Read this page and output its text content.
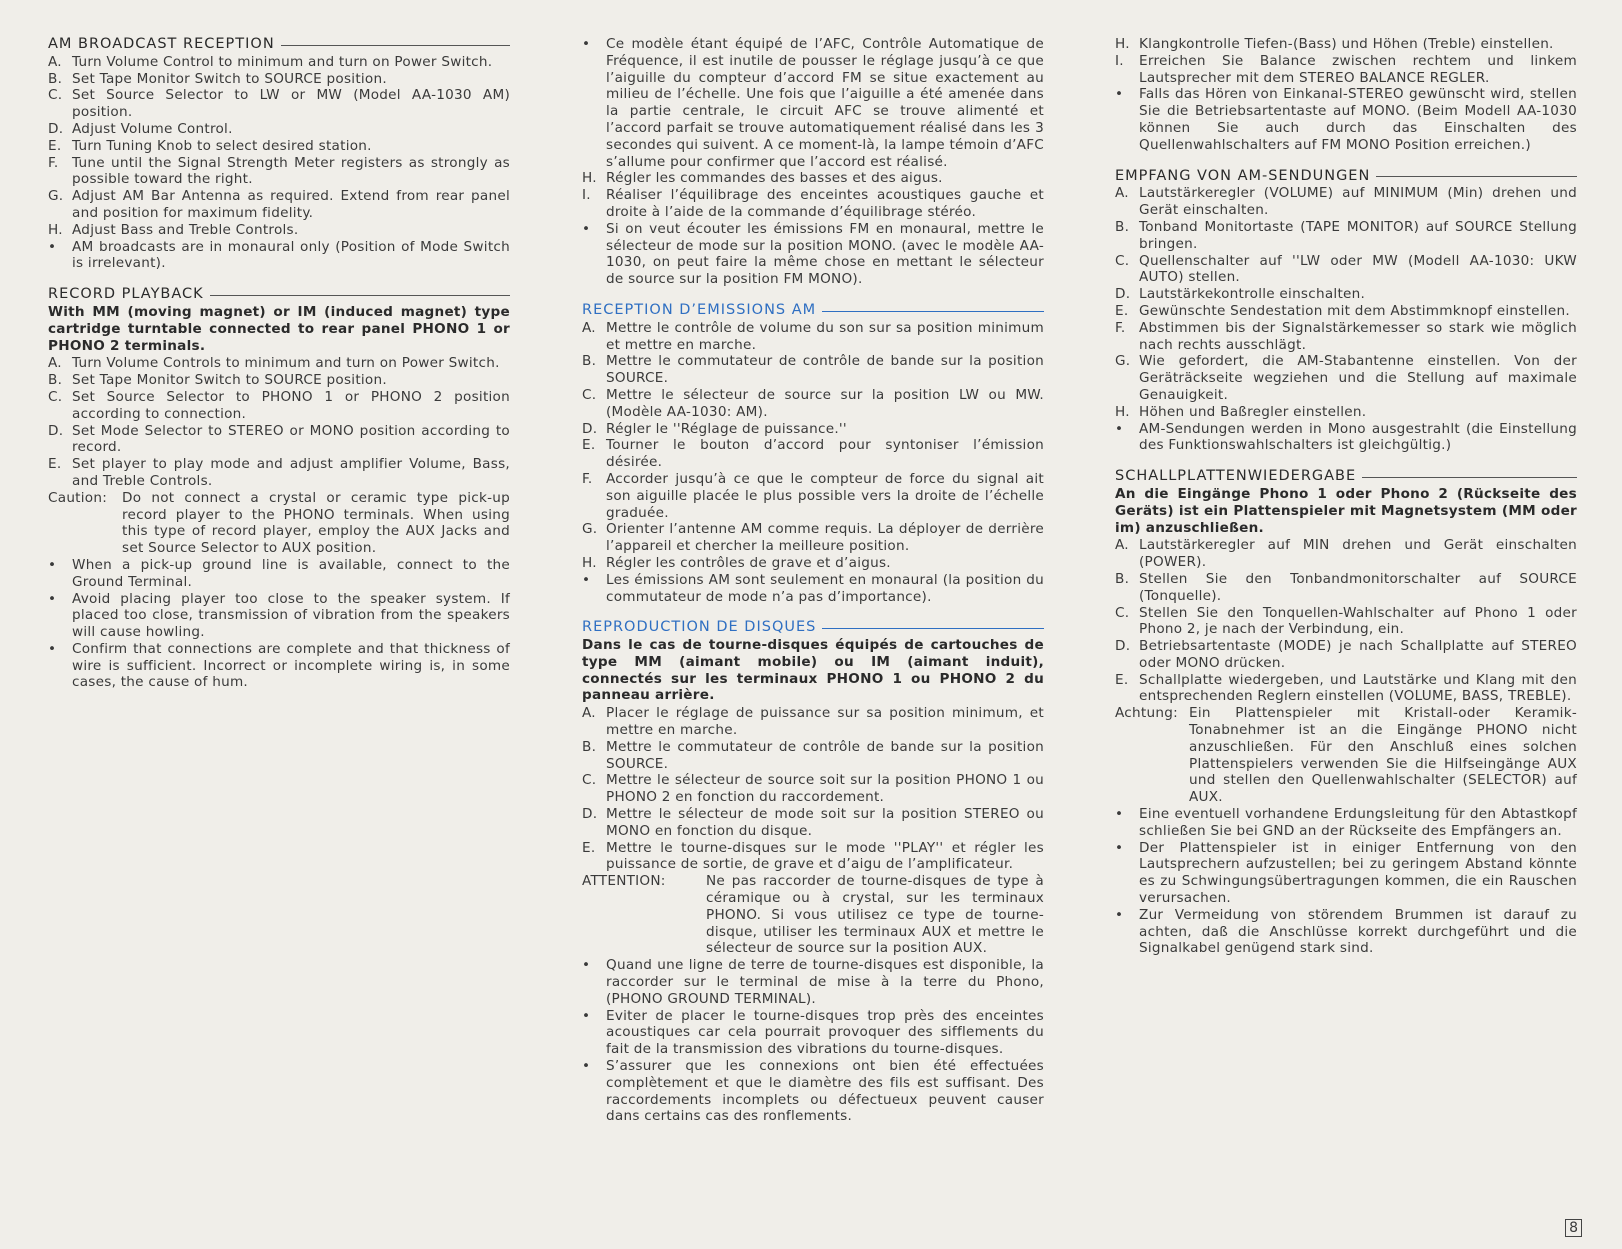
AM BROADCAST RECEPTION
A. Turn Volume Control to minimum and turn on Power Switch.
B. Set Tape Monitor Switch to SOURCE position.
C. Set Source Selector to LW or MW (Model AA-1030 AM) position.
D. Adjust Volume Control.
E. Turn Tuning Knob to select desired station.
F. Tune until the Signal Strength Meter registers as strongly as possible toward the right.
G. Adjust AM Bar Antenna as required. Extend from rear panel and position for maximum fidelity.
H. Adjust Bass and Treble Controls.
•	AM broadcasts are in monaural only (Position of Mode Switch is irrelevant).
RECORD PLAYBACK
With MM (moving magnet) or IM (induced magnet) type cartridge turntable connected to rear panel PHONO 1 or PHONO 2 terminals.
A. Turn Volume Controls to minimum and turn on Power Switch.
B. Set Tape Monitor Switch to SOURCE position.
C. Set Source Selector to PHONO 1 or PHONO 2 position according to connection.
D. Set Mode Selector to STEREO or MONO position according to record.
E. Set player to play mode and adjust amplifier Volume, Bass, and Treble Controls.
Caution:	Do not connect a crystal or ceramic type pick-up record player to the PHONO terminals. When using this type of record player, employ the AUX Jacks and set Source Selector to AUX position.
•	When a pick-up ground line is available, connect to the Ground Terminal.
•	Avoid placing player too close to the speaker system. If placed too close, transmission of vibration from the speakers will cause howling.
•	Confirm that connections are complete and that thickness of wire is sufficient. Incorrect or incomplete wiring is, in some cases, the cause of hum.
•	Ce modèle étant équipé de l’AFC, Contrôle Automatique de Fréquence, il est inutile de pousser le réglage jusqu’à ce que l’aiguille du compteur d’accord FM se situe exactement au milieu de l’échelle. Une fois que l’aiguille a été amenée dans la partie centrale, le circuit AFC se trouve alimenté et l’accord parfait se trouve automatiquement réalisé dans les 3 secondes qui suivent. A ce moment-là, la lampe témoin d’AFC s’allume pour confirmer que l’accord est réalisé.
H. Régler les commandes des basses et des aigus.
I.	Réaliser l’équilibrage des enceintes acoustiques gauche et droite à l’aide de la commande d’équilibrage stéréo.
•	Si on veut écouter les émissions FM en monaural, mettre le sélecteur de mode sur la position MONO. (avec le modèle AA-1030, on peut faire la même chose en mettant le sélecteur de source sur la position FM MONO).
RECEPTION D’EMISSIONS AM
A. Mettre le contrôle de volume du son sur sa position minimum et mettre en marche.
B. Mettre le commutateur de contrôle de bande sur la position SOURCE.
C. Mettre le sélecteur de source sur la position LW ou MW. (Modèle AA-1030: AM).
D. Régler le ''Réglage de puissance.''
E. Tourner le bouton d’accord pour syntoniser l’émission désirée.
F. Accorder jusqu’à ce que le compteur de force du signal ait son aiguille placée le plus possible vers la droite de l’échelle graduée.
G. Orienter l’antenne AM comme requis. La déployer de derrière l’appareil et chercher la meilleure position.
H. Régler les contrôles de grave et d’aigus.
•	Les émissions AM sont seulement en monaural (la position du commutateur de mode n’a pas d’importance).
REPRODUCTION DE DISQUES
Dans le cas de tourne-disques équipés de cartouches de type MM (aimant mobile) ou IM (aimant induit), connectés sur les terminaux PHONO 1 ou PHONO 2 du panneau arrière.
A. Placer le réglage de puissance sur sa position minimum, et mettre en marche.
B. Mettre le commutateur de contrôle de bande sur la position SOURCE.
C. Mettre le sélecteur de source soit sur la position PHONO 1 ou PHONO 2 en fonction du raccordement.
D. Mettre le sélecteur de mode soit sur la position STEREO ou MONO en fonction du disque.
E. Mettre le tourne-disques sur le mode ''PLAY'' et régler les puissance de sortie, de grave et d’aigu de l’amplificateur.
ATTENTION:	Ne pas raccorder de tourne-disques de type à céramique ou à crystal, sur les terminaux PHONO. Si vous utilisez ce type de tourne-disque, utiliser les terminaux AUX et mettre le sélecteur de source sur la position AUX.
•	Quand une ligne de terre de tourne-disques est disponible, la raccorder sur le terminal de mise à la terre du Phono, (PHONO GROUND TERMINAL).
•	Eviter de placer le tourne-disques trop près des enceintes acoustiques car cela pourrait provoquer des sifflements du fait de la transmission des vibrations du tourne-disques.
•	S’assurer que les connexions ont bien été effectuées complètement et que le diamètre des fils est suffisant. Des raccordements incomplets ou défectueux peuvent causer dans certains cas des ronflements.
H. Klangkontrolle Tiefen-(Bass) und Höhen (Treble) einstellen.
I.	Erreichen Sie Balance zwischen rechtem und linkem Lautsprecher mit dem STEREO BALANCE REGLER.
•	Falls das Hören von Einkanal-STEREO gewünscht wird, stellen Sie die Betriebsartentaste auf MONO. (Beim Modell AA-1030 können Sie auch durch das Einschalten des Quellenwahlschalters auf FM MONO Position erreichen.)
EMPFANG VON AM-SENDUNGEN
A. Lautstärkeregler (VOLUME) auf MINIMUM (Min) drehen und Gerät einschalten.
B. Tonband Monitortaste (TAPE MONITOR) auf SOURCE Stellung bringen.
C. Quellenschalter auf ''LW oder MW (Modell AA-1030: UKW AUTO) stellen.
D. Lautstärkekontrolle einschalten.
E. Gewünschte Sendestation mit dem Abstimmknopf einstellen.
F. Abstimmen bis der Signalstärkemesser so stark wie möglich nach rechts ausschlägt.
G. Wie gefordert, die AM-Stabantenne einstellen. Von der Geräträckseite wegziehen und die Stellung auf maximale Genauigkeit.
H. Höhen und Baßregler einstellen.
•	AM-Sendungen werden in Mono ausgestrahlt (die Einstellung des Funktionswahlschalters ist gleichgültig.)
SCHALLPLATTENWIEDERGABE
An die Eingänge Phono 1 oder Phono 2 (Rückseite des Geräts) ist ein Plattenspieler mit Magnetsystem (MM oder im) anzuschließen.
A. Lautstärkeregler auf MIN drehen und Gerät einschalten (POWER).
B. Stellen Sie den Tonbandmonitorschalter auf SOURCE (Tonquelle).
C. Stellen Sie den Tonquellen-Wahlschalter auf Phono 1 oder Phono 2, je nach der Verbindung, ein.
D. Betriebsartentaste (MODE) je nach Schallplatte auf STEREO oder MONO drücken.
E. Schallplatte wiedergeben, und Lautstärke und Klang mit den entsprechenden Reglern einstellen (VOLUME, BASS, TREBLE).
Achtung: Ein Plattenspieler mit Kristall-oder Keramik-Tonabnehmer ist an die Eingänge PHONO nicht anzuschließen. Für den Anschluß eines solchen Plattenspielers verwenden Sie die Hilfseingänge AUX und stellen den Quellenwahlschalter (SELECTOR) auf AUX.
•	Eine eventuell vorhandene Erdungsleitung für den Abtastkopf schließen Sie bei GND an der Rückseite des Empfängers an.
•	Der Plattenspieler ist in einiger Entfernung von den Lautsprechern aufzustellen; bei zu geringem Abstand könnte es zu Schwingungsübertragungen kommen, die ein Rauschen verursachen.
•	Zur Vermeidung von störendem Brummen ist darauf zu achten, daß die Anschlüsse korrekt durchgeführt und die Signalkabel genügend stark sind.
8
